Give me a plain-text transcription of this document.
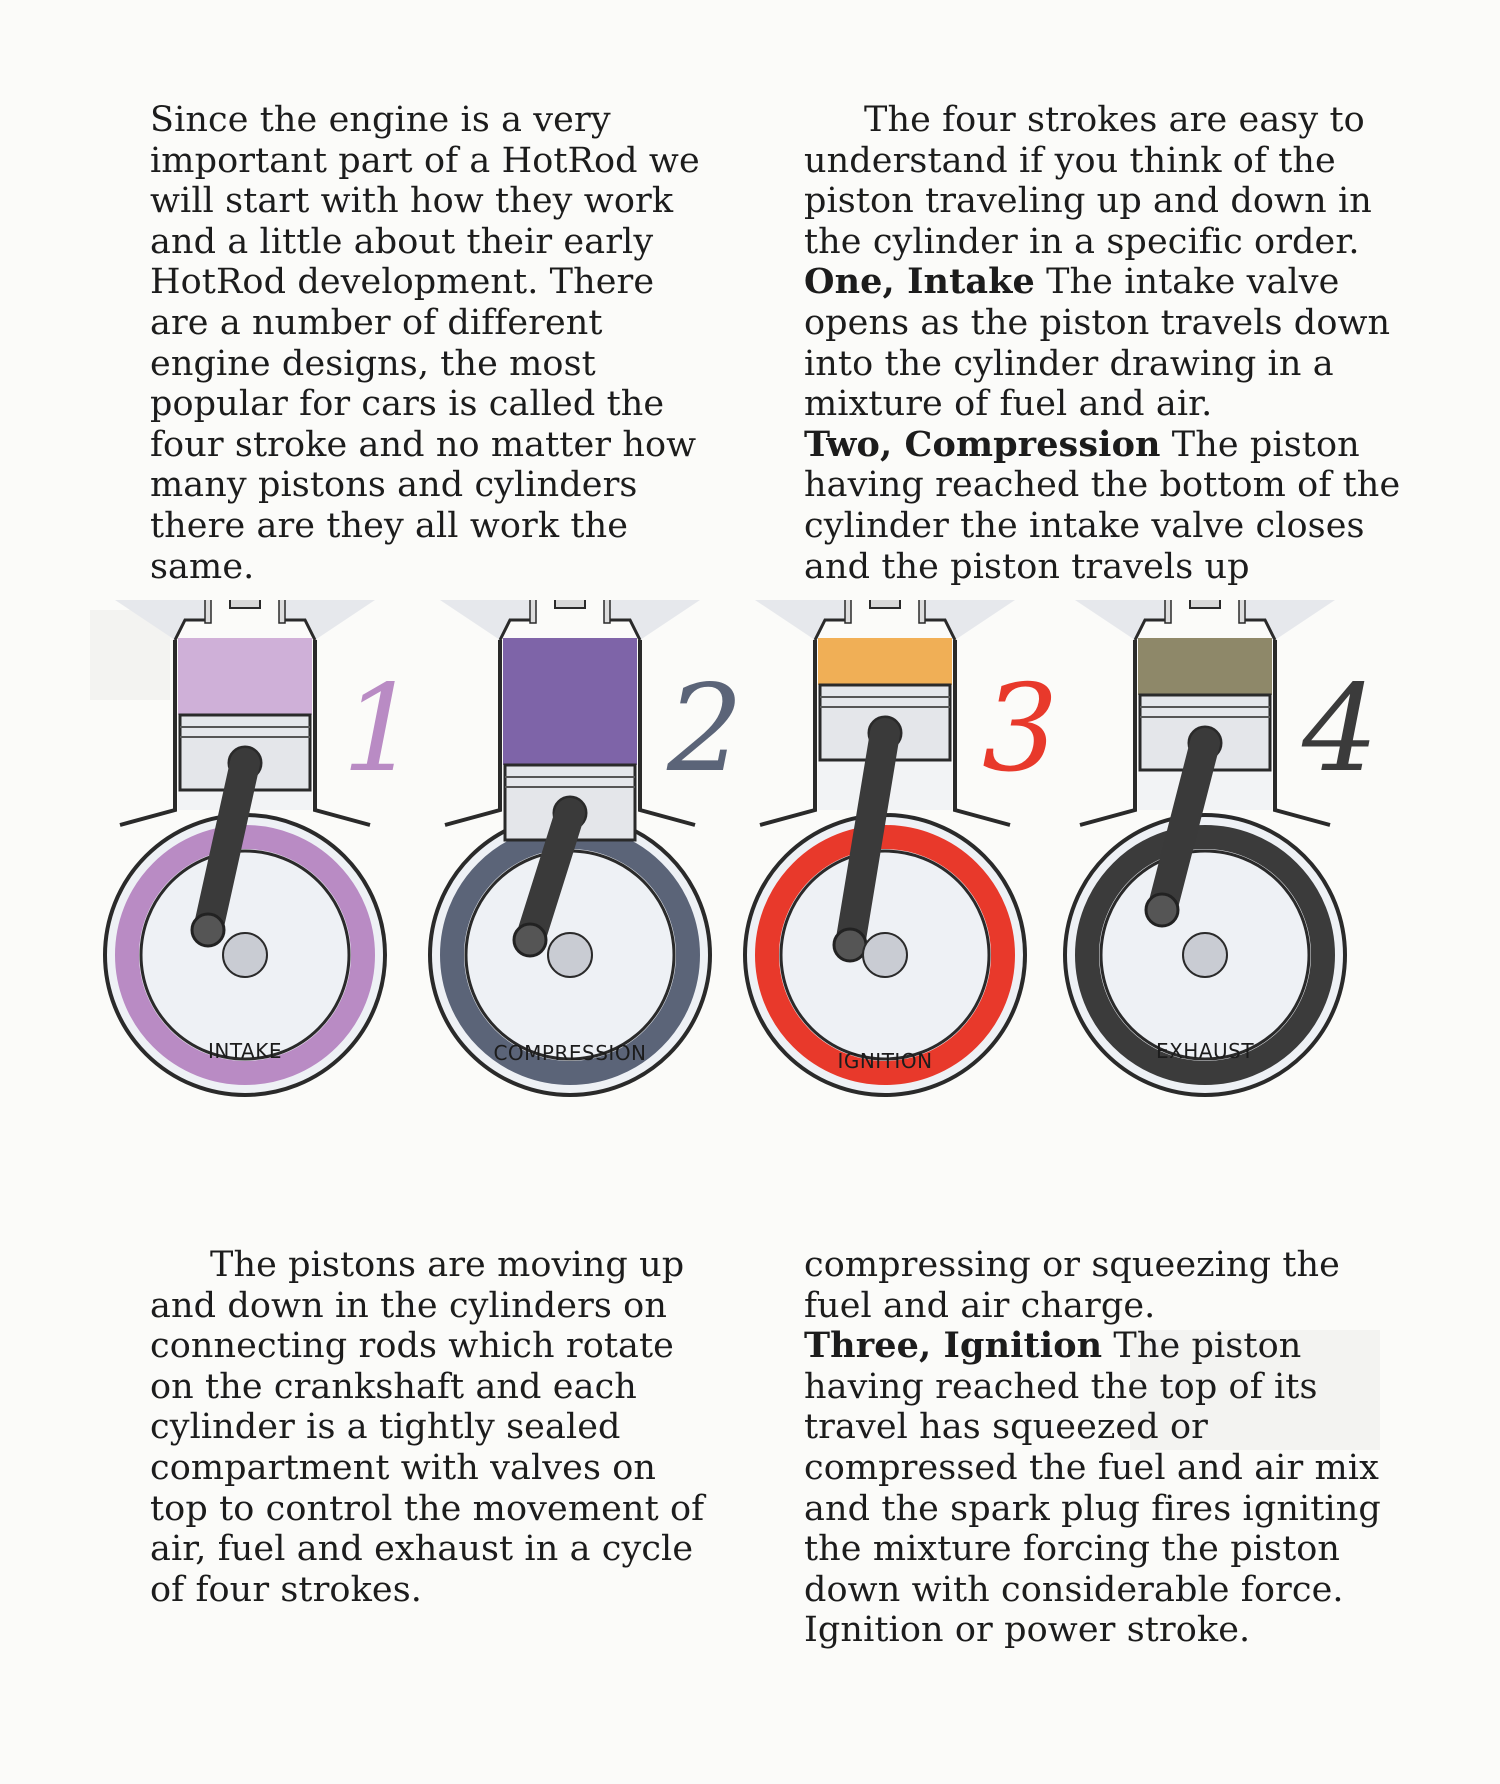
Since the engine is a very important part of a HotRod we will start with how they work and a little about their early HotRod development. There are a number of different engine designs, the most popular for cars is called the four stroke and no matter how many pistons and cylinders there are they all work the same.

The four strokes are easy to understand if you think of the piston traveling up and down in the cylinder in a specific order.

One, Intake The intake valve opens as the piston travels down into the cylinder drawing in a mixture of fuel and air.

Two, Compression The piston having reached the bottom of the cylinder the intake valve closes and the piston travels up

1
INTAKE
2
COMPRESSION
3
IGNITION
4
EXHAUST

The pistons are moving up and down in the cylinders on connecting rods which rotate on the crankshaft and each cylinder is a tightly sealed compartment with valves on top to control the movement of air, fuel and exhaust in a cycle of four strokes.

compressing or squeezing the fuel and air charge.

Three, Ignition The piston having reached the top of its travel has squeezed or compressed the fuel and air mix and the spark plug fires igniting the mixture forcing the piston down with considerable force. Ignition or power stroke.
